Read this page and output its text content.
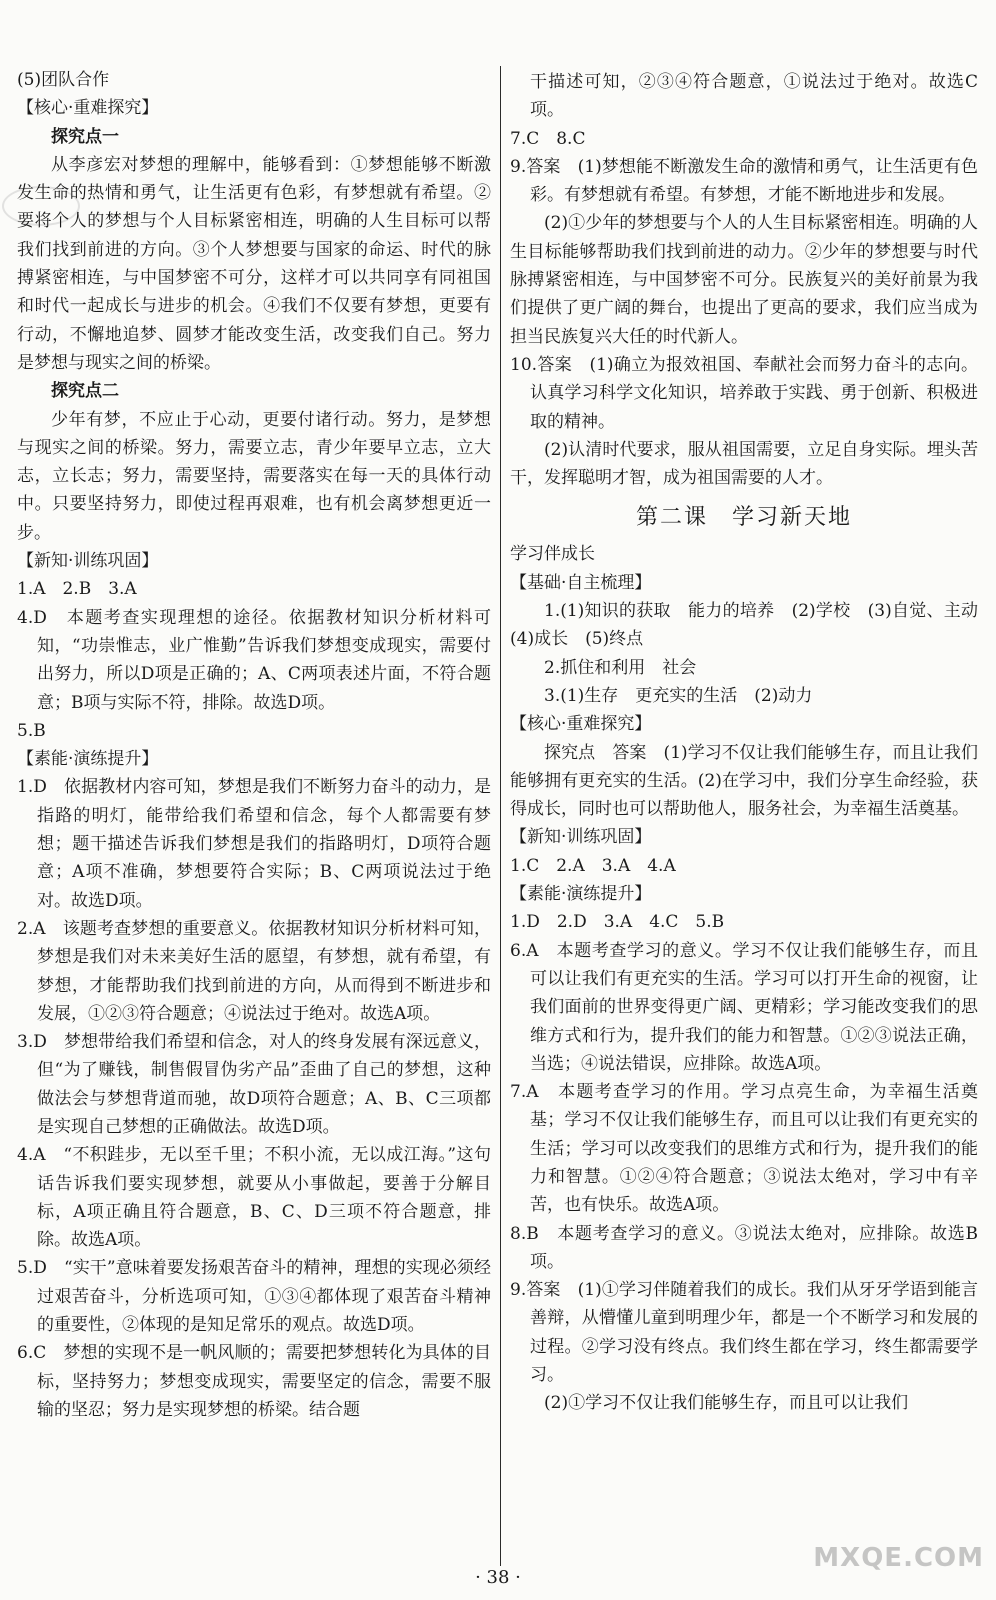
(5)团队合作
【核心·重难探究】
探究点一
从李彦宏对梦想的理解中，能够看到：①梦想能够不断激发生命的热情和勇气，让生活更有色彩，有梦想就有希望。②要将个人的梦想与个人目标紧密相连，明确的人生目标可以帮我们找到前进的方向。③个人梦想要与国家的命运、时代的脉搏紧密相连，与中国梦密不可分，这样才可以共同享有同祖国和时代一起成长与进步的机会。④我们不仅要有梦想，更要有行动，不懈地追梦、圆梦才能改变生活，改变我们自己。努力是梦想与现实之间的桥梁。
探究点二
少年有梦，不应止于心动，更要付诸行动。努力，是梦想与现实之间的桥梁。努力，需要立志，青少年要早立志，立大志，立长志；努力，需要坚持，需要落实在每一天的具体行动中。只要坚持努力，即使过程再艰难，也有机会离梦想更近一步。
【新知·训练巩固】
1.A　2.B　3.A
4.D　本题考查实现理想的途径。依据教材知识分析材料可知，“功崇惟志，业广惟勤”告诉我们梦想变成现实，需要付出努力，所以D项是正确的；A、C两项表述片面，不符合题意；B项与实际不符，排除。故选D项。
5.B
【素能·演练提升】
1.D　依据教材内容可知，梦想是我们不断努力奋斗的动力，是指路的明灯，能带给我们希望和信念，每个人都需要有梦想；题干描述告诉我们梦想是我们的指路明灯，D项符合题意；A项不准确，梦想要符合实际；B、C两项说法过于绝对。故选D项。
2.A　该题考查梦想的重要意义。依据教材知识分析材料可知，梦想是我们对未来美好生活的愿望，有梦想，就有希望，有梦想，才能帮助我们找到前进的方向，从而得到不断进步和发展，①②③符合题意；④说法过于绝对。故选A项。
3.D　梦想带给我们希望和信念，对人的终身发展有深远意义，但“为了赚钱，制售假冒伪劣产品”歪曲了自己的梦想，这种做法会与梦想背道而驰，故D项符合题意；A、B、C三项都是实现自己梦想的正确做法。故选D项。
4.A　“不积跬步，无以至千里；不积小流，无以成江海。”这句话告诉我们要实现梦想，就要从小事做起，要善于分解目标，A项正确且符合题意，B、C、D三项不符合题意，排除。故选A项。
5.D　“实干”意味着要发扬艰苦奋斗的精神，理想的实现必须经过艰苦奋斗，分析选项可知，①③④都体现了艰苦奋斗精神的重要性，②体现的是知足常乐的观点。故选D项。
6.C　梦想的实现不是一帆风顺的；需要把梦想转化为具体的目标，坚持努力；梦想变成现实，需要坚定的信念，需要不服输的坚忍；努力是实现梦想的桥梁。结合题
干描述可知，②③④符合题意，①说法过于绝对。故选C项。
7.C　8.C
9.答案　(1)梦想能不断激发生命的激情和勇气，让生活更有色彩。有梦想就有希望。有梦想，才能不断地进步和发展。
(2)①少年的梦想要与个人的人生目标紧密相连。明确的人生目标能够帮助我们找到前进的动力。②少年的梦想要与时代脉搏紧密相连，与中国梦密不可分。民族复兴的美好前景为我们提供了更广阔的舞台，也提出了更高的要求，我们应当成为担当民族复兴大任的时代新人。
10.答案　(1)确立为报效祖国、奉献社会而努力奋斗的志向。认真学习科学文化知识，培养敢于实践、勇于创新、积极进取的精神。
(2)认清时代要求，服从祖国需要，立足自身实际。埋头苦干，发挥聪明才智，成为祖国需要的人才。
第二课　学习新天地
学习伴成长
【基础·自主梳理】
1.(1)知识的获取　能力的培养　(2)学校　(3)自觉、主动　(4)成长　(5)终点
2.抓住和利用　社会
3.(1)生存　更充实的生活　(2)动力
【核心·重难探究】
探究点　答案　(1)学习不仅让我们能够生存，而且让我们能够拥有更充实的生活。(2)在学习中，我们分享生命经验，获得成长，同时也可以帮助他人，服务社会，为幸福生活奠基。
【新知·训练巩固】
1.C　2.A　3.A　4.A
【素能·演练提升】
1.D　2.D　3.A　4.C　5.B
6.A　本题考查学习的意义。学习不仅让我们能够生存，而且可以让我们有更充实的生活。学习可以打开生命的视窗，让我们面前的世界变得更广阔、更精彩；学习能改变我们的思维方式和行为，提升我们的能力和智慧。①②③说法正确，当选；④说法错误，应排除。故选A项。
7.A　本题考查学习的作用。学习点亮生命，为幸福生活奠基；学习不仅让我们能够生存，而且可以让我们有更充实的生活；学习可以改变我们的思维方式和行为，提升我们的能力和智慧。①②④符合题意；③说法太绝对，学习中有辛苦，也有快乐。故选A项。
8.B　本题考查学习的意义。③说法太绝对，应排除。故选B项。
9.答案　(1)①学习伴随着我们的成长。我们从牙牙学语到能言善辩，从懵懂儿童到明理少年，都是一个不断学习和发展的过程。②学习没有终点。我们终生都在学习，终生都需要学习。
(2)①学习不仅让我们能够生存，而且可以让我们
· 38 ·
MXQE.COM
